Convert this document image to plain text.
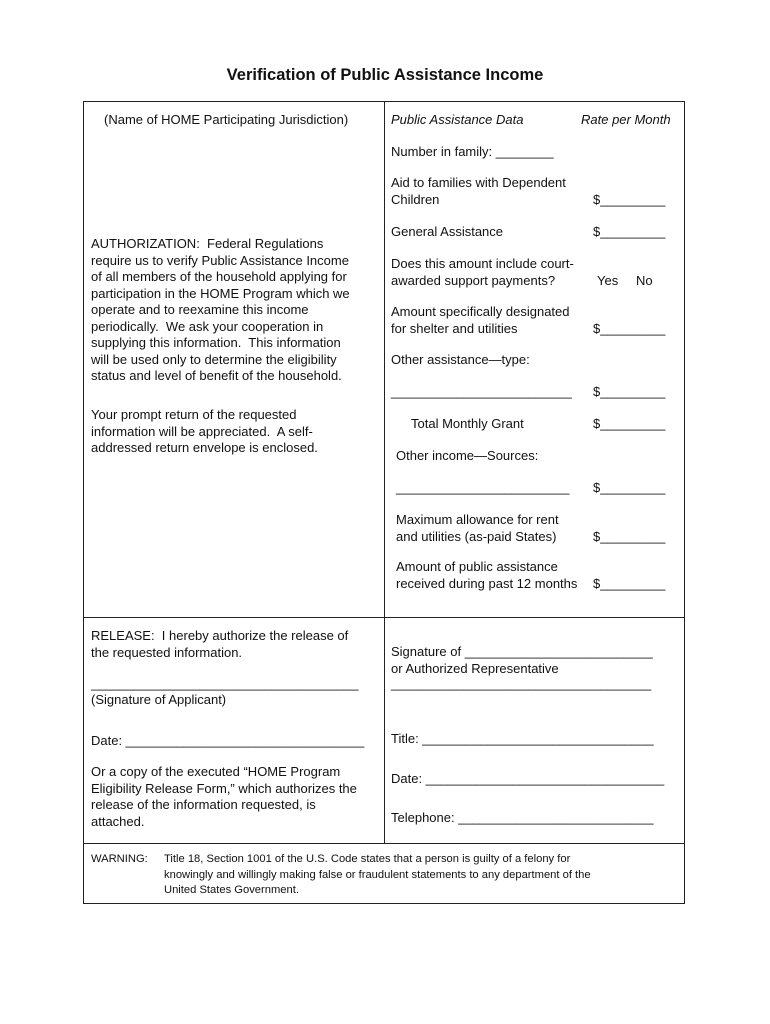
Verification of Public Assistance Income
(Name of HOME Participating Jurisdiction)
AUTHORIZATION:  Federal Regulations
require us to verify Public Assistance Income
of all members of the household applying for
participation in the HOME Program which we
operate and to reexamine this income
periodically.  We ask your cooperation in
supplying this information.  This information
will be used only to determine the eligibility
status and level of benefit of the household.
Your prompt return of the requested
information will be appreciated.  A self-
addressed return envelope is enclosed.
Public Assistance Data	Rate per Month
Number in family: ________
Aid to families with Dependent
Children	$_________
General Assistance	$_________
Does this amount include court-
awarded support payments?	Yes No
Amount specifically designated
for shelter and utilities	$_________
Other assistance—type:
_________________________ $_________
Total Monthly Grant	$_________
Other income—Sources:
________________________ $_________
Maximum allowance for rent
and utilities (as-paid States)	$_________
Amount of public assistance
received during past 12 months $_________
RELEASE:  I hereby authorize the release of
the requested information.
_____________________________________
(Signature of Applicant)
Date: _________________________________
Or a copy of the executed “HOME Program
Eligibility Release Form,” which authorizes the
release of the information requested, is
attached.
Signature of __________________________
or Authorized Representative
____________________________________
Title: ________________________________
Date: _________________________________
Telephone: ___________________________
WARNING: Title 18, Section 1001 of the U.S. Code states that a person is guilty of a felony for
knowingly and willingly making false or fraudulent statements to any department of the
United States Government.
